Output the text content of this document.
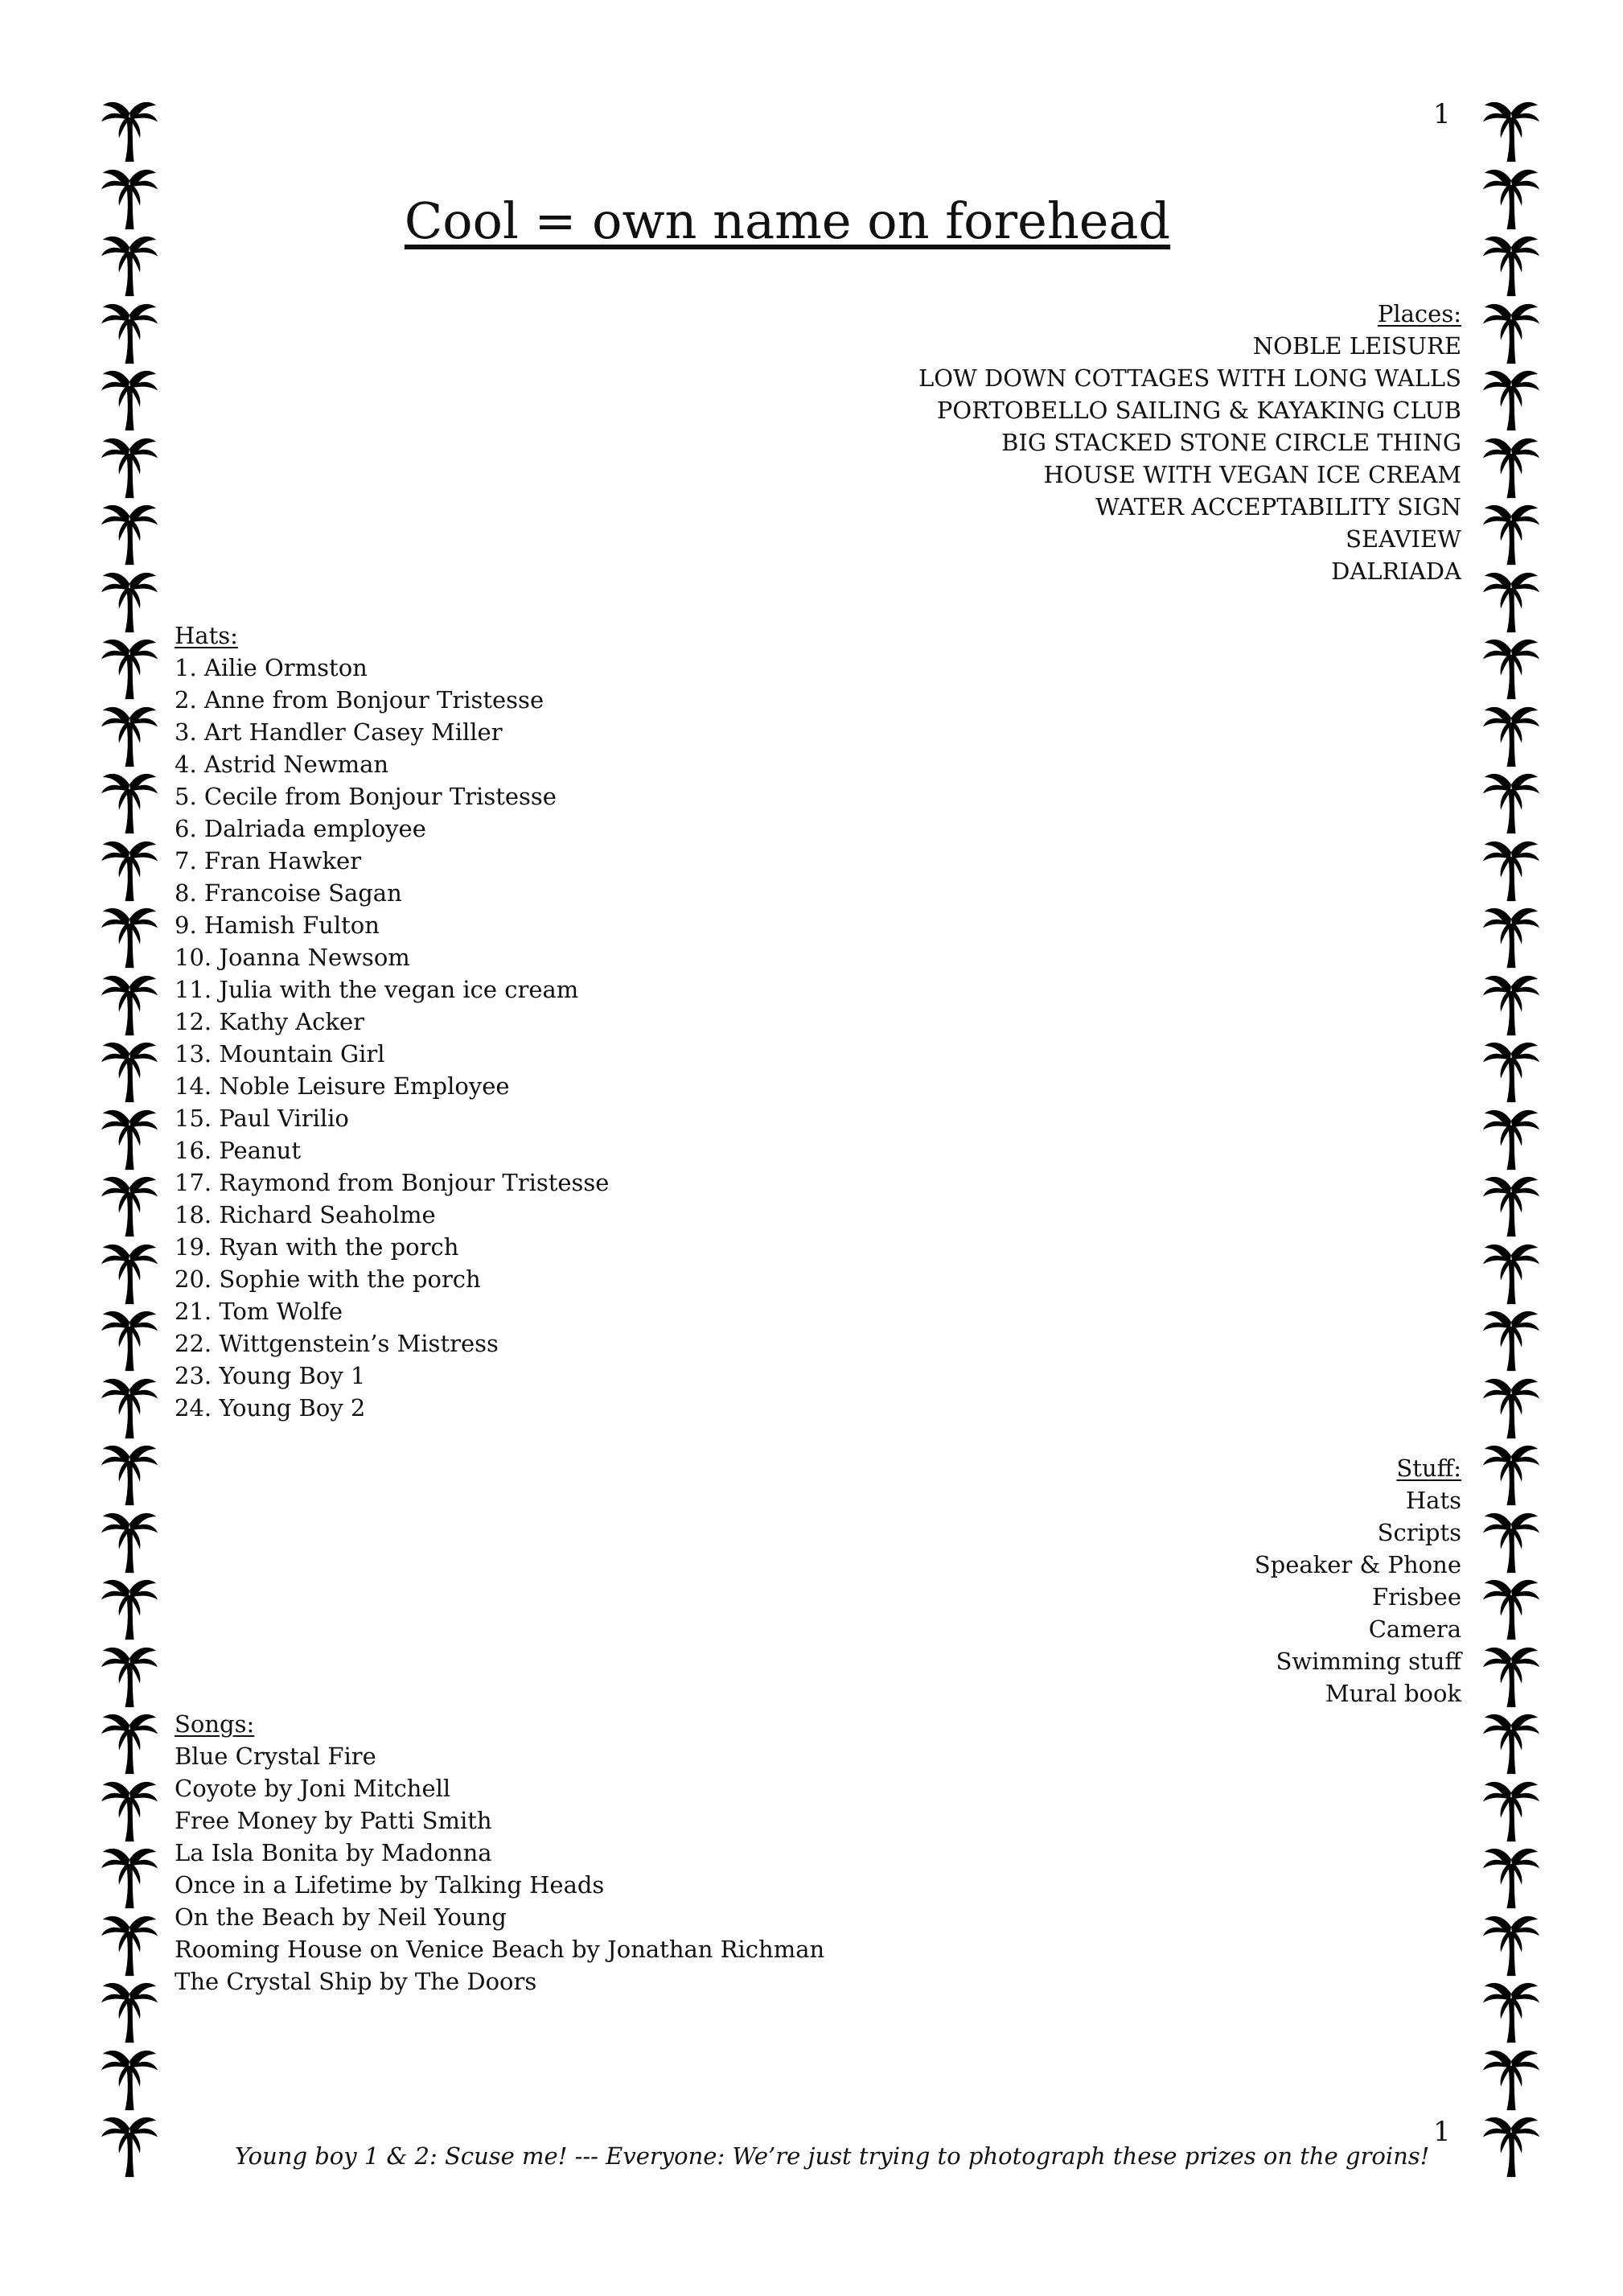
1
Cool = own name on forehead
Places:
NOBLE LEISURE
LOW DOWN COTTAGES WITH LONG WALLS
PORTOBELLO SAILING & KAYAKING CLUB
BIG STACKED STONE CIRCLE THING
HOUSE WITH VEGAN ICE CREAM
WATER ACCEPTABILITY SIGN
SEAVIEW
DALRIADA
Hats:
1. Ailie Ormston
2. Anne from Bonjour Tristesse
3. Art Handler Casey Miller
4. Astrid Newman
5. Cecile from Bonjour Tristesse
6. Dalriada employee
7. Fran Hawker
8. Francoise Sagan
9. Hamish Fulton
10. Joanna Newsom
11. Julia with the vegan ice cream
12. Kathy Acker
13. Mountain Girl
14. Noble Leisure Employee
15. Paul Virilio
16. Peanut
17. Raymond from Bonjour Tristesse
18. Richard Seaholme
19. Ryan with the porch
20. Sophie with the porch
21. Tom Wolfe
22. Wittgenstein’s Mistress
23. Young Boy 1
24. Young Boy 2
Stuff:
Hats
Scripts
Speaker & Phone
Frisbee
Camera
Swimming stuff
Mural book
Songs:
Blue Crystal Fire
Coyote by Joni Mitchell
Free Money by Patti Smith
La Isla Bonita by Madonna
Once in a Lifetime by Talking Heads
On the Beach by Neil Young
Rooming House on Venice Beach by Jonathan Richman
The Crystal Ship by The Doors
Young boy 1 & 2: Scuse me! --- Everyone: We’re just trying to photograph these prizes on the groins!
1
